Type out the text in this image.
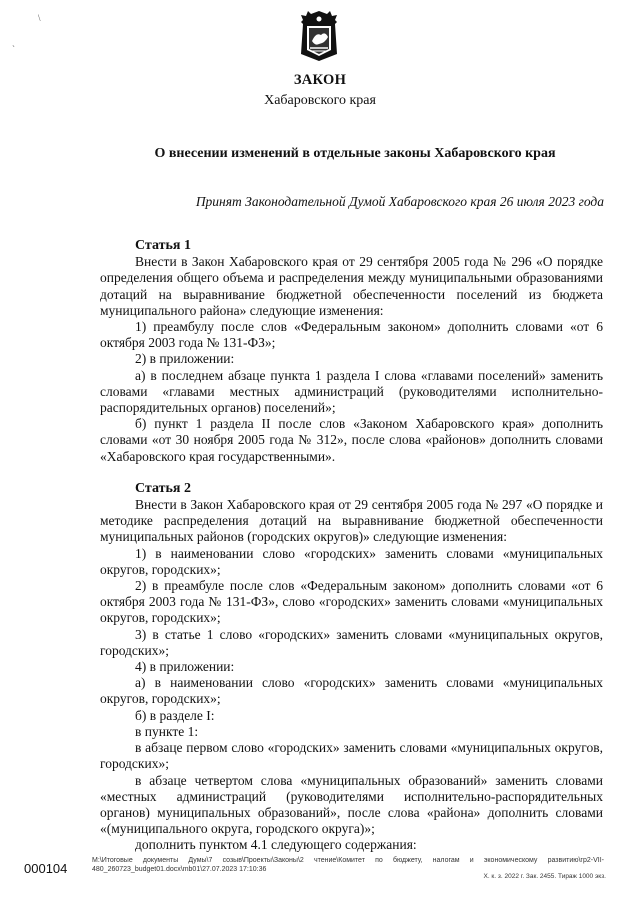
\
`
ЗАКОН
Хабаровского края
О внесении изменений в отдельные законы Хабаровского края
Принят Законодательной Думой Хабаровского края 26 июля 2023 года

Статья 1

Внести в Закон Хабаровского края от 29 сентября 2005 года № 296 «О порядке определения общего объема и распределения между муниципальными образованиями дотаций на выравнивание бюджетной обеспеченности поселений из бюджета муниципального района» следующие изменения:

1) преамбулу после слов «Федеральным законом» дополнить словами «от 6 октября 2003 года № 131-ФЗ»;

2) в приложении:

а) в последнем абзаце пункта 1 раздела I слова «главами поселений» заменить словами «главами местных администраций (руководителями исполнительно-распорядительных органов) поселений»;

б) пункт 1 раздела II после слов «Законом Хабаровского края» дополнить словами «от 30 ноября 2005 года № 312», после слова «районов» дополнить словами «Хабаровского края государственными».

Статья 2

Внести в Закон Хабаровского края от 29 сентября 2005 года № 297 «О порядке и методике распределения дотаций на выравнивание бюджетной обеспеченности муниципальных районов (городских округов)» следующие изменения:

1) в наименовании слово «городских» заменить словами «муниципальных округов, городских»;

2) в преамбуле после слов «Федеральным законом» дополнить словами «от 6 октября 2003 года № 131-ФЗ», слово «городских» заменить словами «муниципальных округов, городских»;

3) в статье 1 слово «городских» заменить словами «муниципальных округов, городских»;

4) в приложении:

а) в наименовании слово «городских» заменить словами «муниципальных округов, городских»;

б) в разделе I:

в пункте 1:

в абзаце первом слово «городских» заменить словами «муниципальных округов, городских»;

в абзаце четвертом слова «муниципальных образований» заменить словами «местных администраций (руководителями исполнительно-распорядительных органов) муниципальных образований», после слова «района» дополнить словами «(муниципального округа, городского округа)»;

дополнить пунктом 4.1 следующего содержания:

000104
M:\Итоговые документы Думы\7 созыв\Проекты\Законы\2 чтение\Комитет по бюджету, налогам и экономическому развитию\гр2-VII-480_260723_budget01.docx\mb01\27.07.2023 17:10:36
Х. к. з. 2022 г. Зак. 2455. Тираж 1000 экз.
